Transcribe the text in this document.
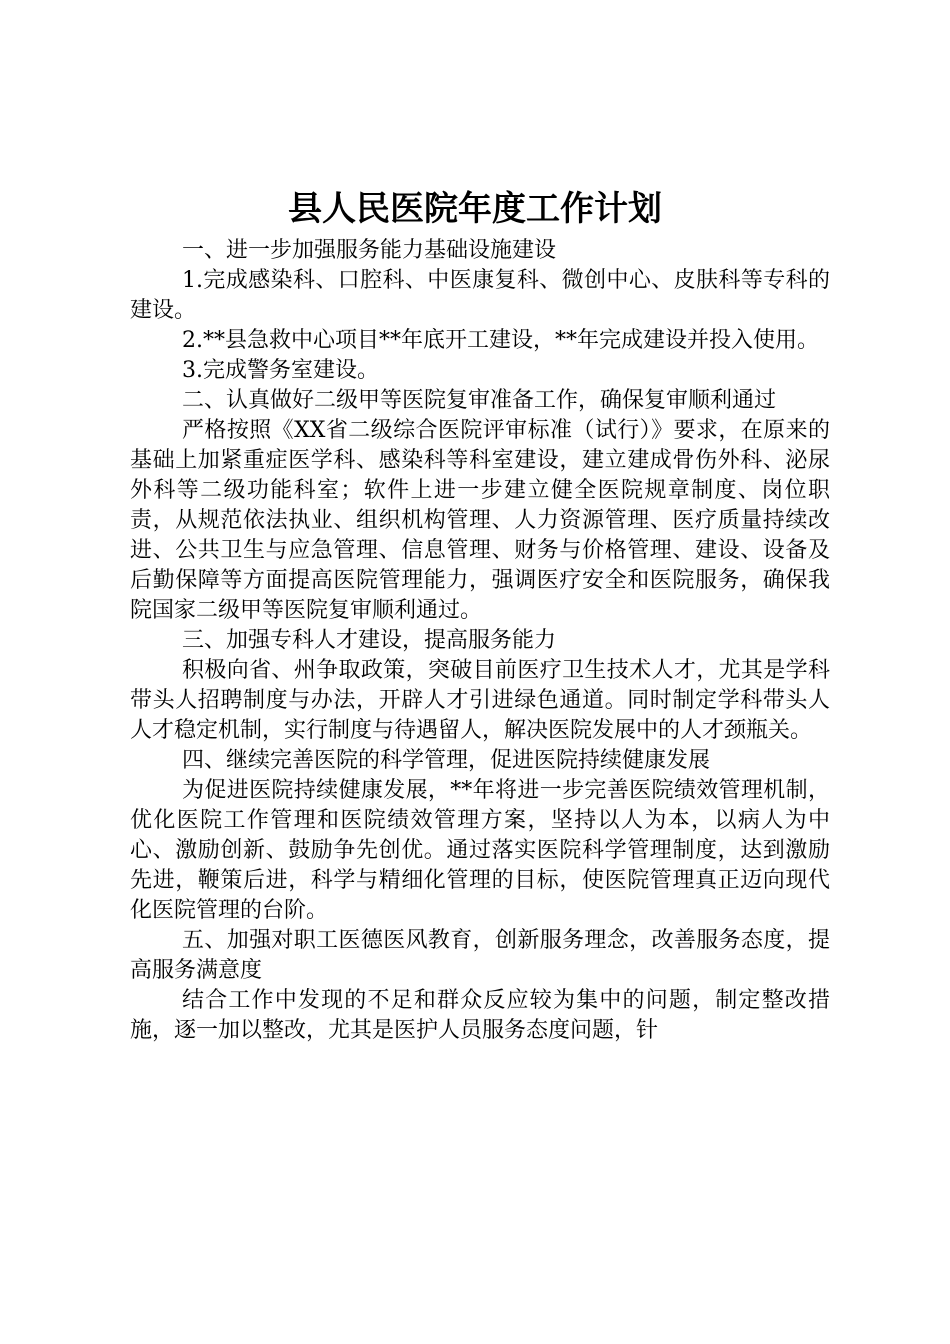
县人民医院年度工作计划

一、进一步加强服务能力基础设施建设

1.完成感染科、口腔科、中医康复科、微创中心、皮肤科等专科的建设。

2.**县急救中心项目**年底开工建设，**年完成建设并投入使用。

3.完成警务室建设。

二、认真做好二级甲等医院复审准备工作，确保复审顺利通过

严格按照《XX省二级综合医院评审标准（试行）》要求，在原来的基础上加紧重症医学科、感染科等科室建设，建立建成骨伤外科、泌尿外科等二级功能科室；软件上进一步建立健全医院规章制度、岗位职责，从规范依法执业、组织机构管理、人力资源管理、医疗质量持续改进、公共卫生与应急管理、信息管理、财务与价格管理、建设、设备及后勤保障等方面提高医院管理能力，强调医疗安全和医院服务，确保我院国家二级甲等医院复审顺利通过。

三、加强专科人才建设，提高服务能力

积极向省、州争取政策，突破目前医疗卫生技术人才，尤其是学科带头人招聘制度与办法，开辟人才引进绿色通道。同时制定学科带头人人才稳定机制，实行制度与待遇留人，解决医院发展中的人才颈瓶关。

四、继续完善医院的科学管理，促进医院持续健康发展

为促进医院持续健康发展，**年将进一步完善医院绩效管理机制，优化医院工作管理和医院绩效管理方案，坚持以人为本，以病人为中心、激励创新、鼓励争先创优。通过落实医院科学管理制度，达到激励先进，鞭策后进，科学与精细化管理的目标，使医院管理真正迈向现代化医院管理的台阶。

五、加强对职工医德医风教育，创新服务理念，改善服务态度，提高服务满意度

结合工作中发现的不足和群众反应较为集中的问题，制定整改措施，逐一加以整改，尤其是医护人员服务态度问题，针
